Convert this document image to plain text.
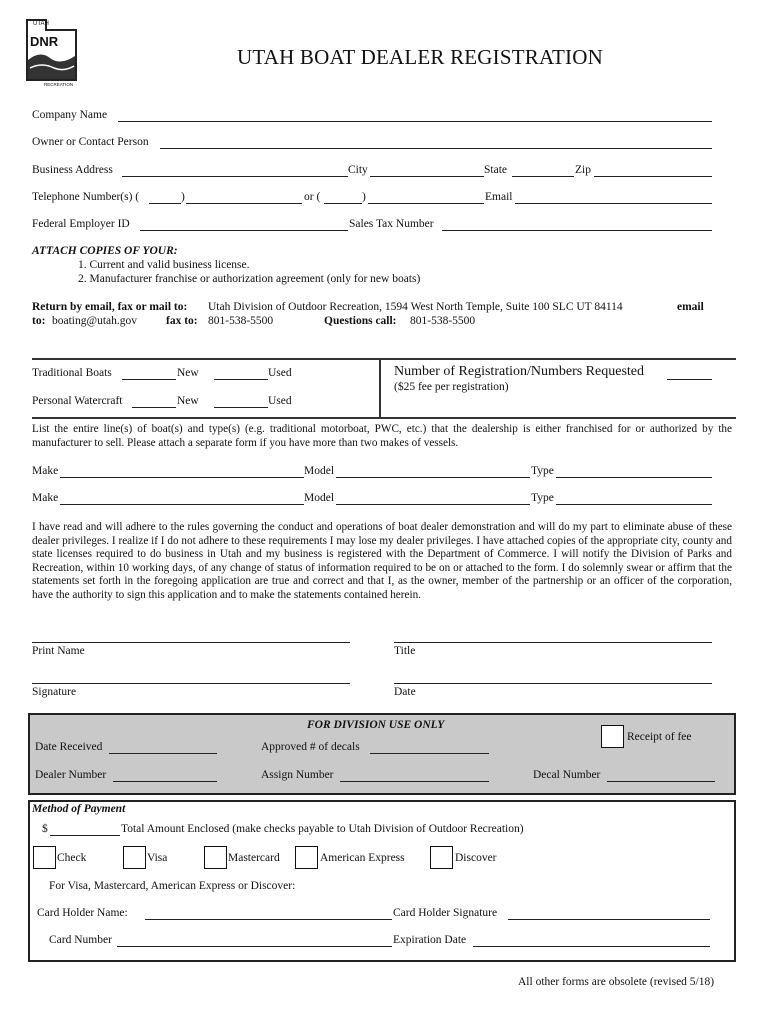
UTAH
DNR
RECREATION
UTAH BOAT DEALER REGISTRATION
Company Name
Owner or Contact Person
Business Address	City	State	Zip
Telephone Number(s) (	)	or (	)	Email
Federal Employer ID	Sales Tax Number
ATTACH COPIES OF YOUR:
1. Current and valid business license.
2. Manufacturer franchise or authorization agreement (only for new boats)
Return by email, fax or mail to: Utah Division of Outdoor Recreation, 1594 West North Temple, Suite 100 SLC UT 84114	email
to: boating@utah.gov	fax to: 801-538-5500	Questions call: 801-538-5500
Traditional Boats	New	Used
Personal Watercraft	New	Used
Number of Registration/Numbers Requested
($25 fee per registration)
List the entire line(s) of boat(s) and type(s) (e.g. traditional motorboat, PWC, etc.) that the dealership is either franchised for or authorized by the manufacturer to sell. Please attach a separate form if you have more than two makes of vessels.
Make	Model	Type
Make	Model	Type
I have read and will adhere to the rules governing the conduct and operations of boat dealer demonstration and will do my part to eliminate abuse of these dealer privileges. I realize if I do not adhere to these requirements I may lose my dealer privileges. I have attached copies of the appropriate city, county and state licenses required to do business in Utah and my business is registered with the Department of Commerce. I will notify the Division of Parks and Recreation, within 10 working days, of any change of status of information required to be on or attached to the form. I do solemnly swear or affirm that the statements set forth in the foregoing application are true and correct and that I, as the owner, member of the partnership or an officer of the corporation, have the authority to sign this application and to make the statements contained herein.
Print Name	Title
Signature	Date
FOR DIVISION USE ONLY
Date Received	Approved # of decals
Receipt of fee
Dealer Number	Assign Number	Decal Number
Method of Payment
$	Total Amount Enclosed (make checks payable to Utah Division of Outdoor Recreation)
Check	Visa	Mastercard	American Express	Discover
For Visa, Mastercard, American Express or Discover:
Card Holder Name:	Card Holder Signature
Card Number	Expiration Date
All other forms are obsolete (revised 5/18)
